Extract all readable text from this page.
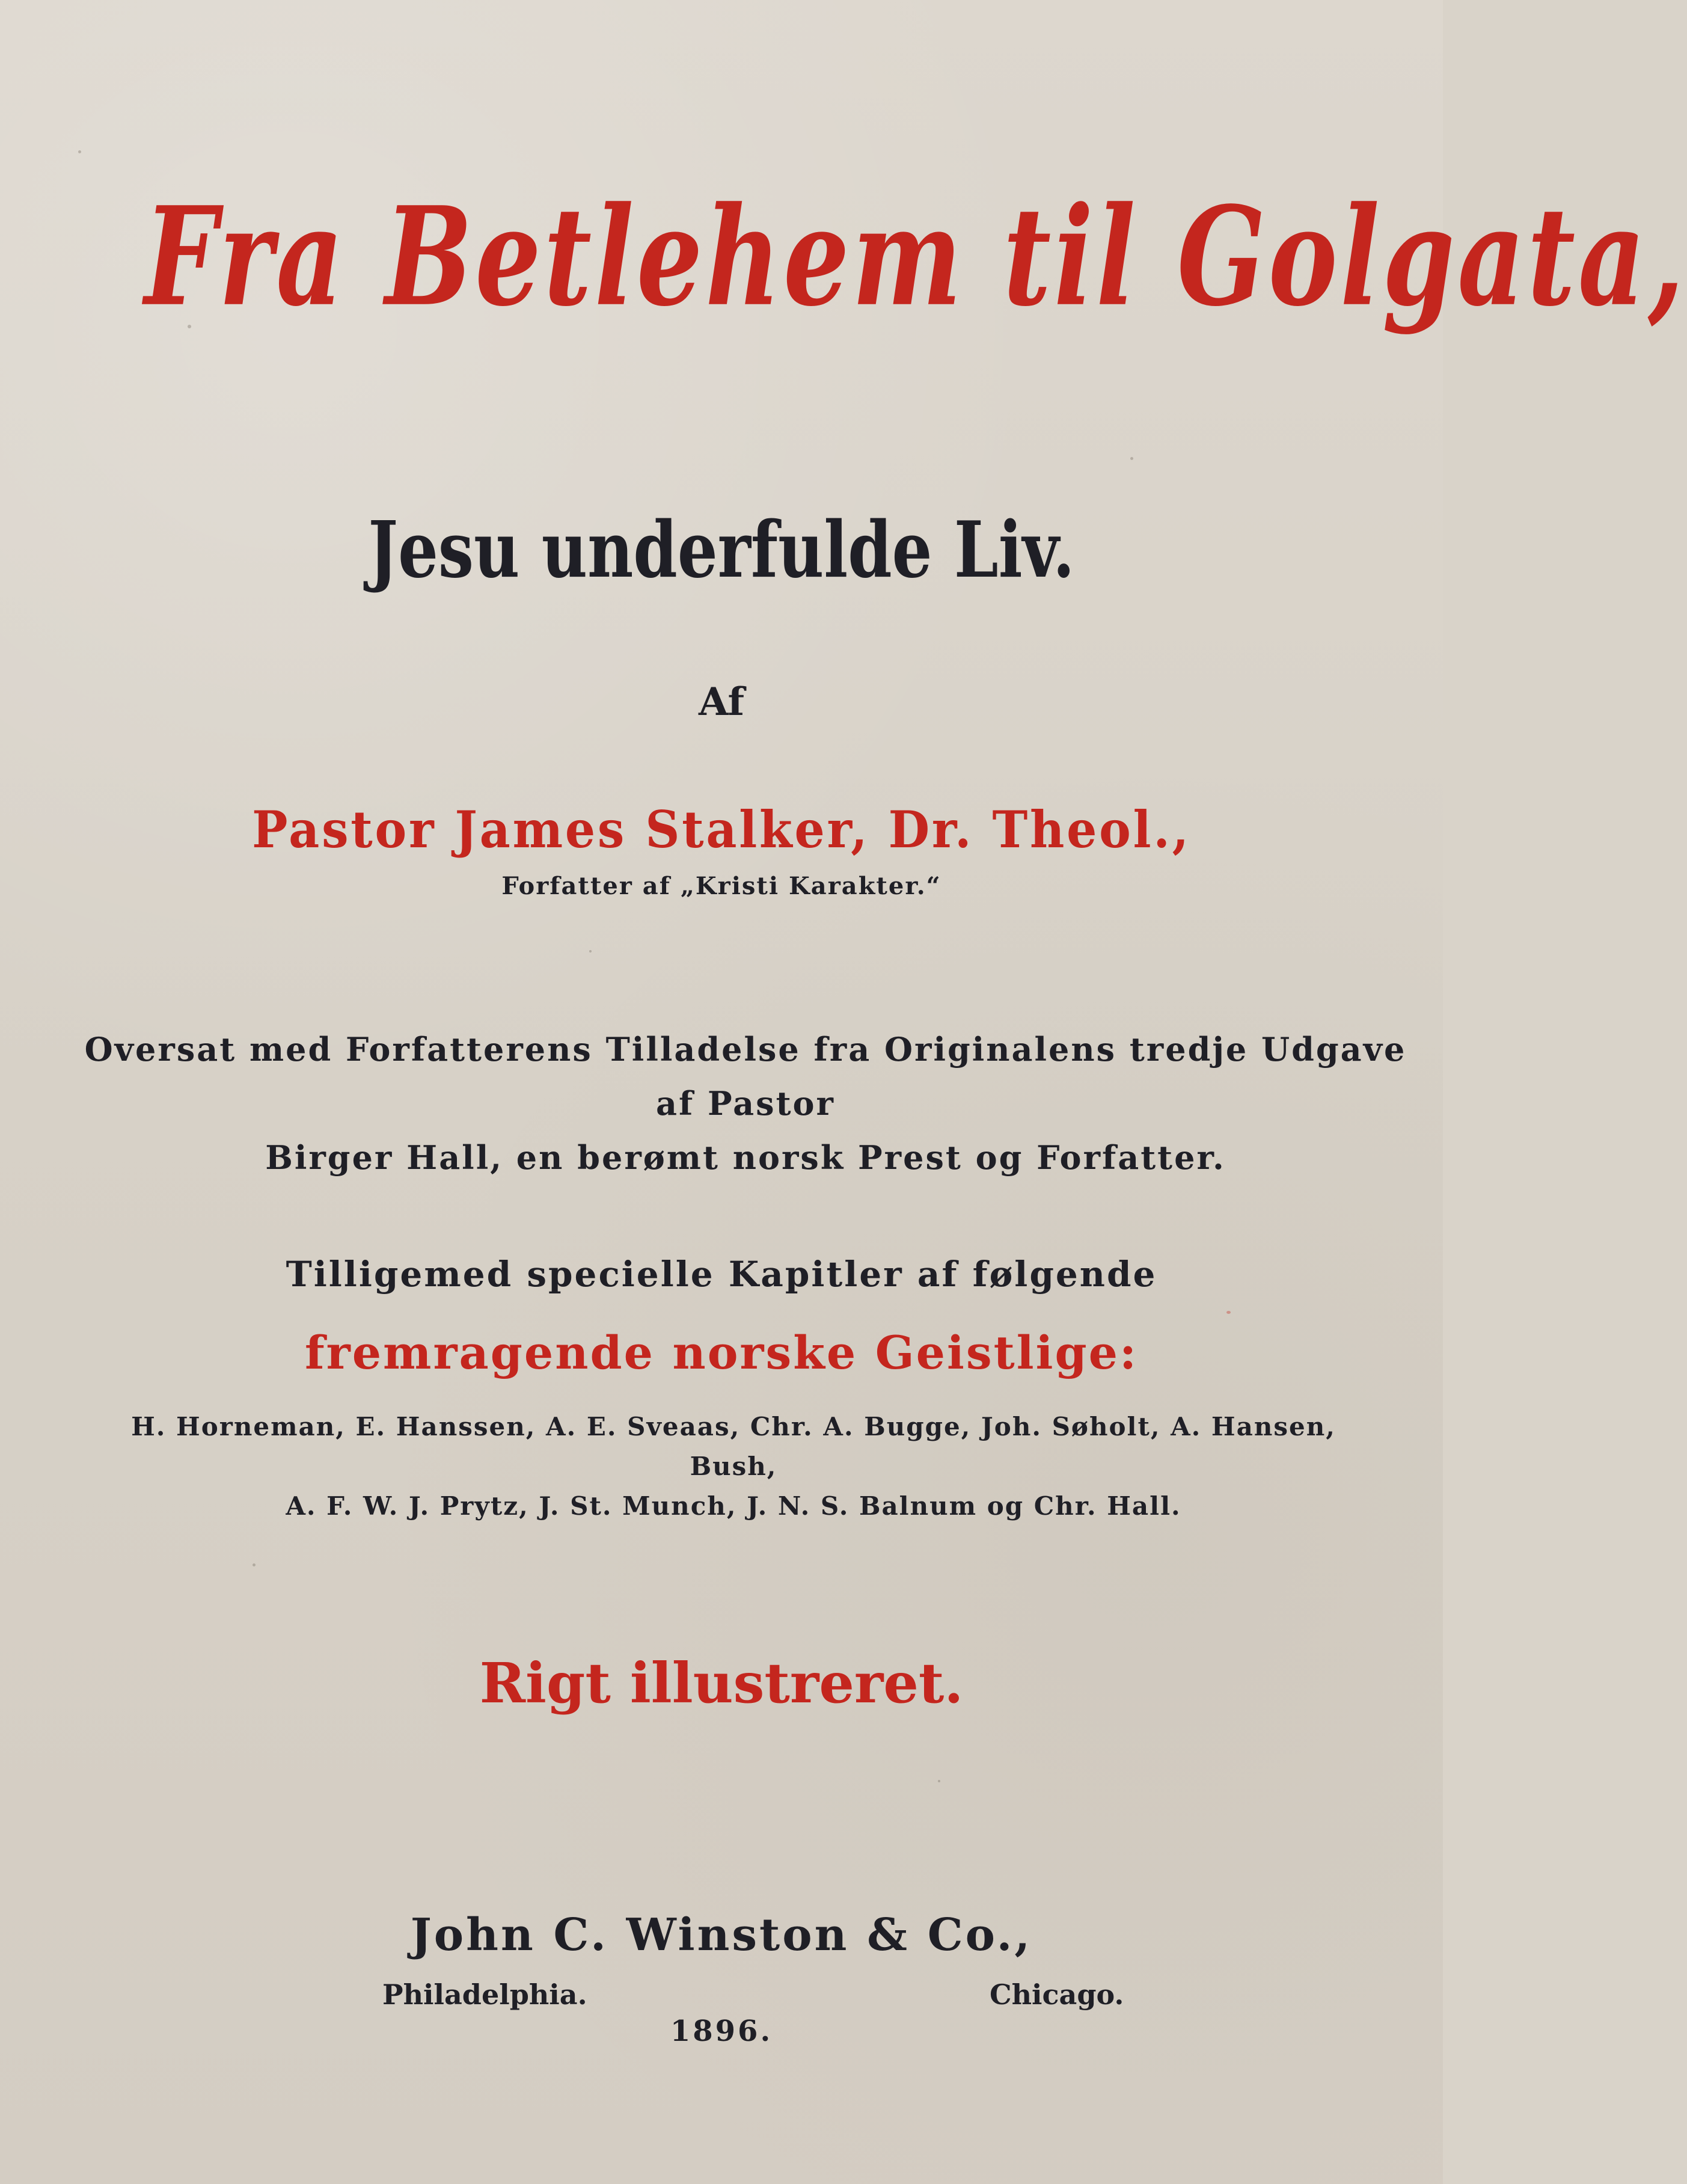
Fra Betlehem til Golgata,
Jesu underfulde Liv.
Af
Pastor James Stalker, Dr. Theol.,
Forfatter af „Kristi Karakter.“
Oversat med Forfatterens Tilladelse fra Originalens tredje Udgave af Pastor
Birger Hall, en berømt norsk Prest og Forfatter.
Tilligemed specielle Kapitler af følgende
fremragende norske Geistlige:
H. Horneman, E. Hanssen, A. E. Sveaas, Chr. A. Bugge, Joh. Søholt, A. Hansen, Bush,
A. F. W. J. Prytz, J. St. Munch, J. N. S. Balnum og Chr. Hall.
Rigt illustreret.
John C. Winston & Co.,
Philadelphia.	Chicago.
1896.
